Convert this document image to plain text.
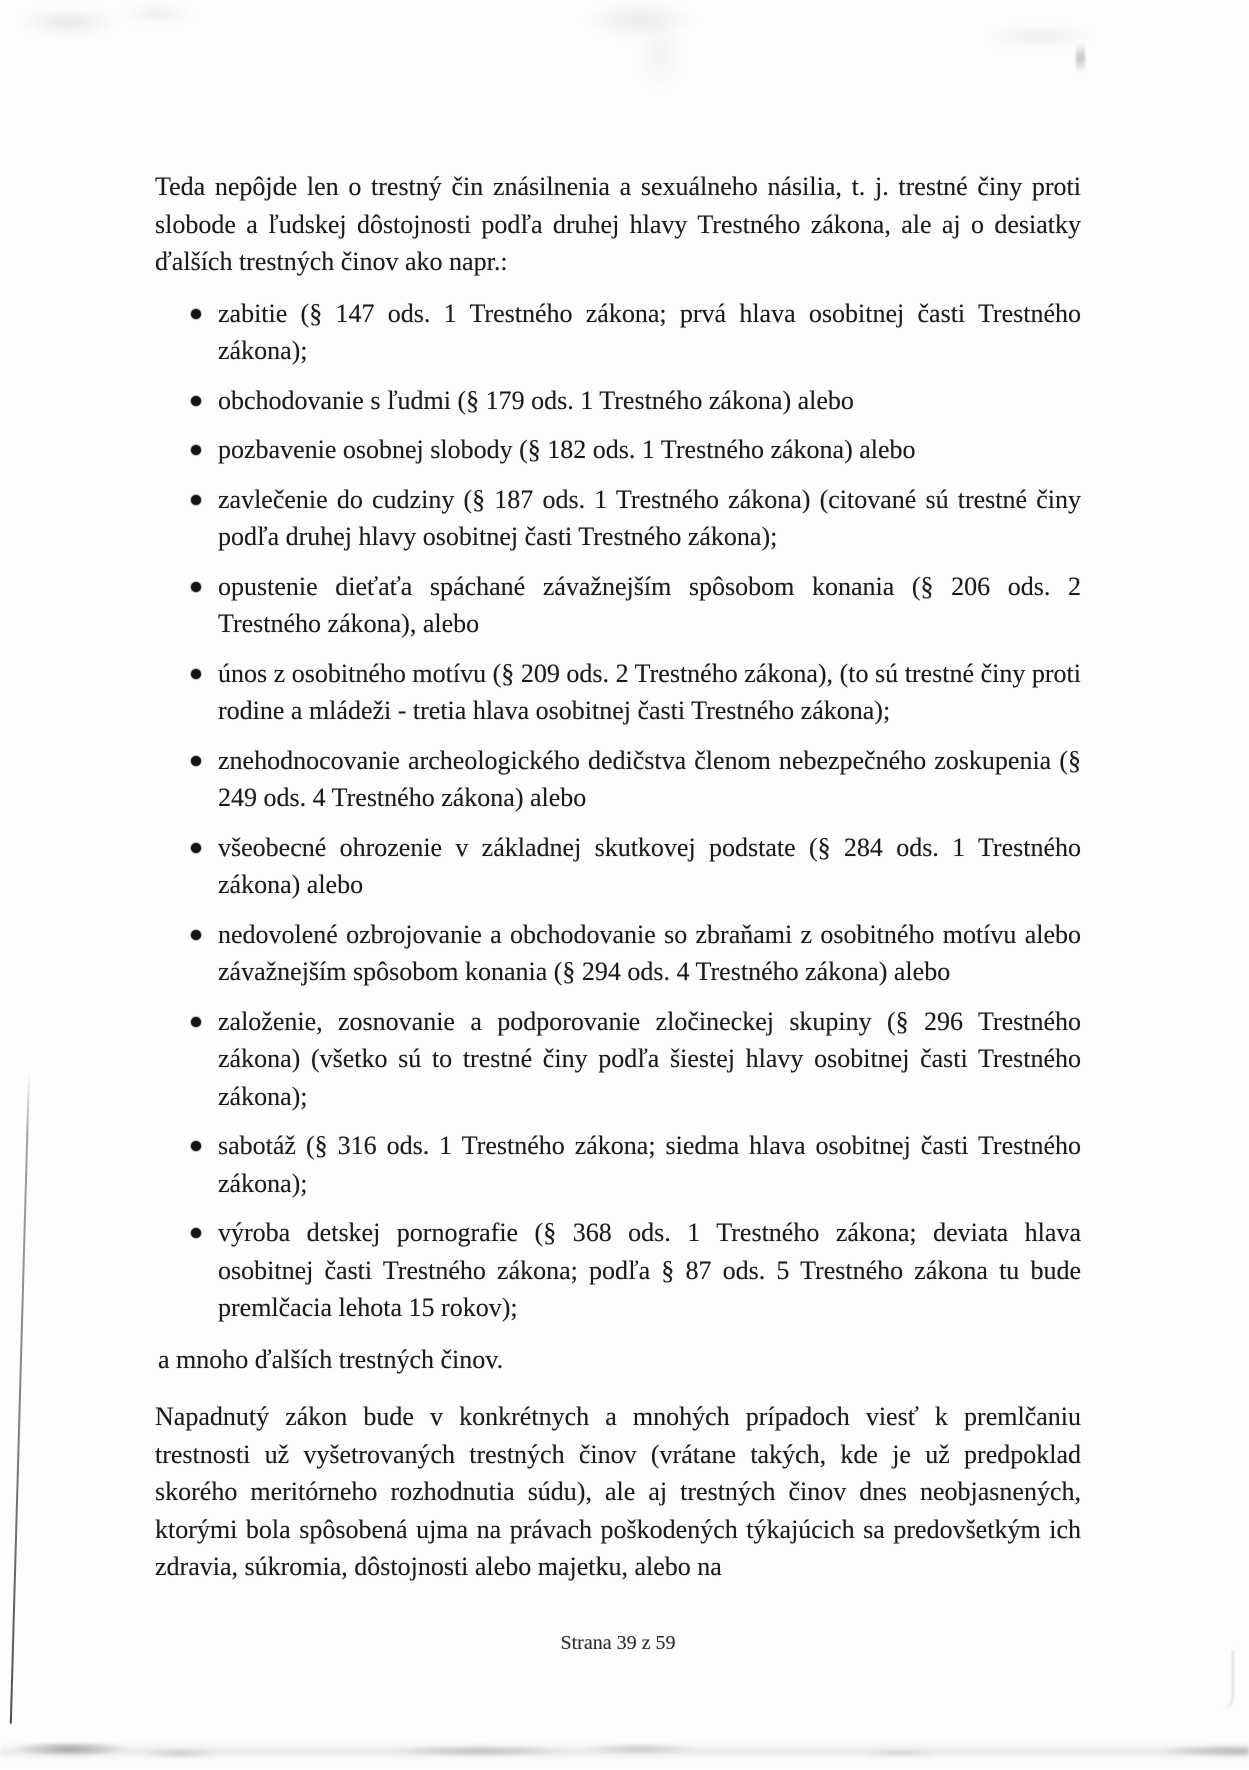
Teda nepôjde len o trestný čin znásilnenia a sexuálneho násilia, t. j. trestné činy proti slobode a ľudskej dôstojnosti podľa druhej hlavy Trestného zákona, ale aj o desiatky ďalších trestných činov ako napr.:

zabitie (§ 147 ods. 1 Trestného zákona; prvá hlava osobitnej časti Trestného zákona);
obchodovanie s ľudmi (§ 179 ods. 1 Trestného zákona) alebo
pozbavenie osobnej slobody (§ 182 ods. 1 Trestného zákona) alebo
zavlečenie do cudziny (§ 187 ods. 1 Trestného zákona) (citované sú trestné činy podľa druhej hlavy osobitnej časti Trestného zákona);
opustenie dieťaťa spáchané závažnejším spôsobom konania (§ 206 ods. 2 Trestného zákona), alebo
únos z osobitného motívu (§ 209 ods. 2 Trestného zákona), (to sú trestné činy proti rodine a mládeži - tretia hlava osobitnej časti Trestného zákona);
znehodnocovanie archeologického dedičstva členom nebezpečného zoskupenia (§ 249 ods. 4 Trestného zákona) alebo
všeobecné ohrozenie v základnej skutkovej podstate (§ 284 ods. 1 Trestného zákona) alebo
nedovolené ozbrojovanie a obchodovanie so zbraňami z osobitného motívu alebo závažnejším spôsobom konania (§ 294 ods. 4 Trestného zákona) alebo
založenie, zosnovanie a podporovanie zločineckej skupiny (§ 296 Trestného zákona) (všetko sú to trestné činy podľa šiestej hlavy osobitnej časti Trestného zákona);
sabotáž (§ 316 ods. 1 Trestného zákona; siedma hlava osobitnej časti Trestného zákona);
výroba detskej pornografie (§ 368 ods. 1 Trestného zákona; deviata hlava osobitnej časti Trestného zákona; podľa § 87 ods. 5 Trestného zákona tu bude premlčacia lehota 15 rokov);

a mnoho ďalších trestných činov.

Napadnutý zákon bude v konkrétnych a mnohých prípadoch viesť k premlčaniu trestnosti už vyšetrovaných trestných činov (vrátane takých, kde je už predpoklad skorého meritórneho rozhodnutia súdu), ale aj trestných činov dnes neobjasnených, ktorými bola spôsobená ujma na právach poškodených týkajúcich sa predovšetkým ich zdravia, súkromia, dôstojnosti alebo majetku, alebo na

Strana 39 z 59
